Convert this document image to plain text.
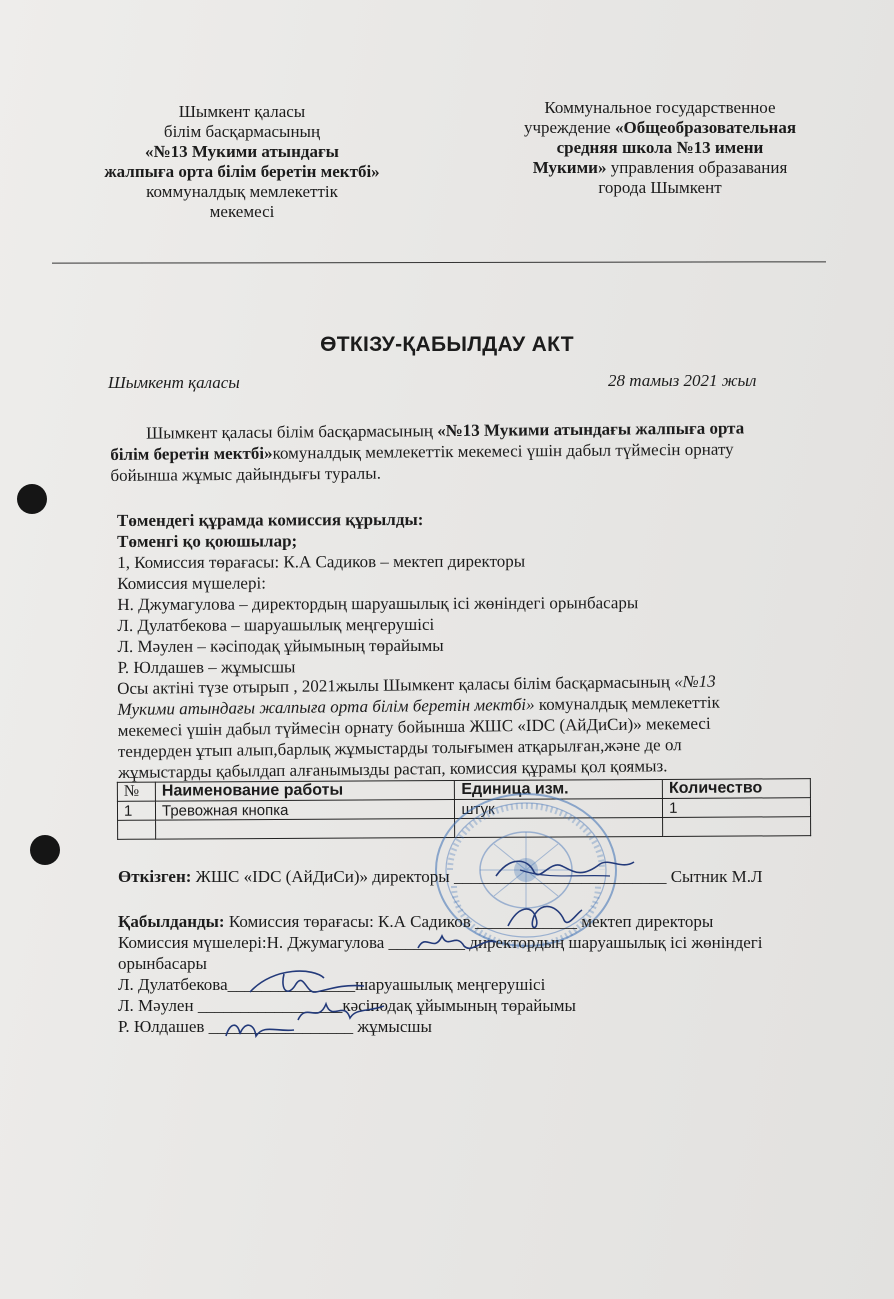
Шымкент қаласы
білім басқармасының
«№13 Мукими атындағы
жалпыға орта білім беретін мектбі»
коммуналдық мемлекеттік
мекемесі
Коммунальное государственное
учреждение «Общеобразовательная
средняя школа №13 имени
Мукими» управления образавания
города Шымкент
ӨТКІЗУ-ҚАБЫЛДАУ АКТ
Шымкент қаласы	28 тамыз 2021 жыл
Шымкент қаласы білім басқармасының «№13 Мукими атындағы жалпыға орта
білім беретін мектбі»комуналдық мемлекеттік мекемесі үшін дабыл түймесін орнату
бойынша жұмыс дайындығы туралы.
Төмендегі құрамда комиссия құрылды:
Төменгі қо қоюшылар;
1, Комиссия төрағасы: К.А Садиков – мектеп директоры
Комиссия мүшелері:
Н. Джумагулова – директордың шаруашылық ісі жөніндегі орынбасары
Л. Дулатбекова – шаруашылық меңгерушісі
Л. Мәулен – кәсіподақ ұйымының төрайымы
Р. Юлдашев – жұмысшы
Осы актіні түзе отырып , 2021жылы Шымкент қаласы білім басқармасының «№13
Мукими атындағы жалпыға орта білім беретін мектбі» комуналдық мемлекеттік
мекемесі үшін дабыл түймесін орнату бойынша ЖШС «IDC (АйДиСи)» мекемесі
тендерден ұтып алып,барлық жұмыстарды толығымен атқарылған,және де ол
жұмыстарды қабылдап алғанымызды растап, комиссия құрамы қол қоямыз.
№	Наименование работы	Единица изм.	Количество
1	Тревожная кнопка	штук	1

Өткізген: ЖШС «IDC (АйДиСи)» директоры _________________________ Сытник М.Л
Қабылданды: Комиссия төрағасы: К.А Садиков ____________ мектеп директоры
Комиссия мүшелері:Н. Джумагулова _________ директордың шаруашылық ісі жөніндегі
орынбасары
Л. Дулатбекова_______________шаруашылық меңгерушісі
Л. Мәулен _________________кәсіподақ ұйымының төрайымы
Р. Юлдашев _________________ жұмысшы
